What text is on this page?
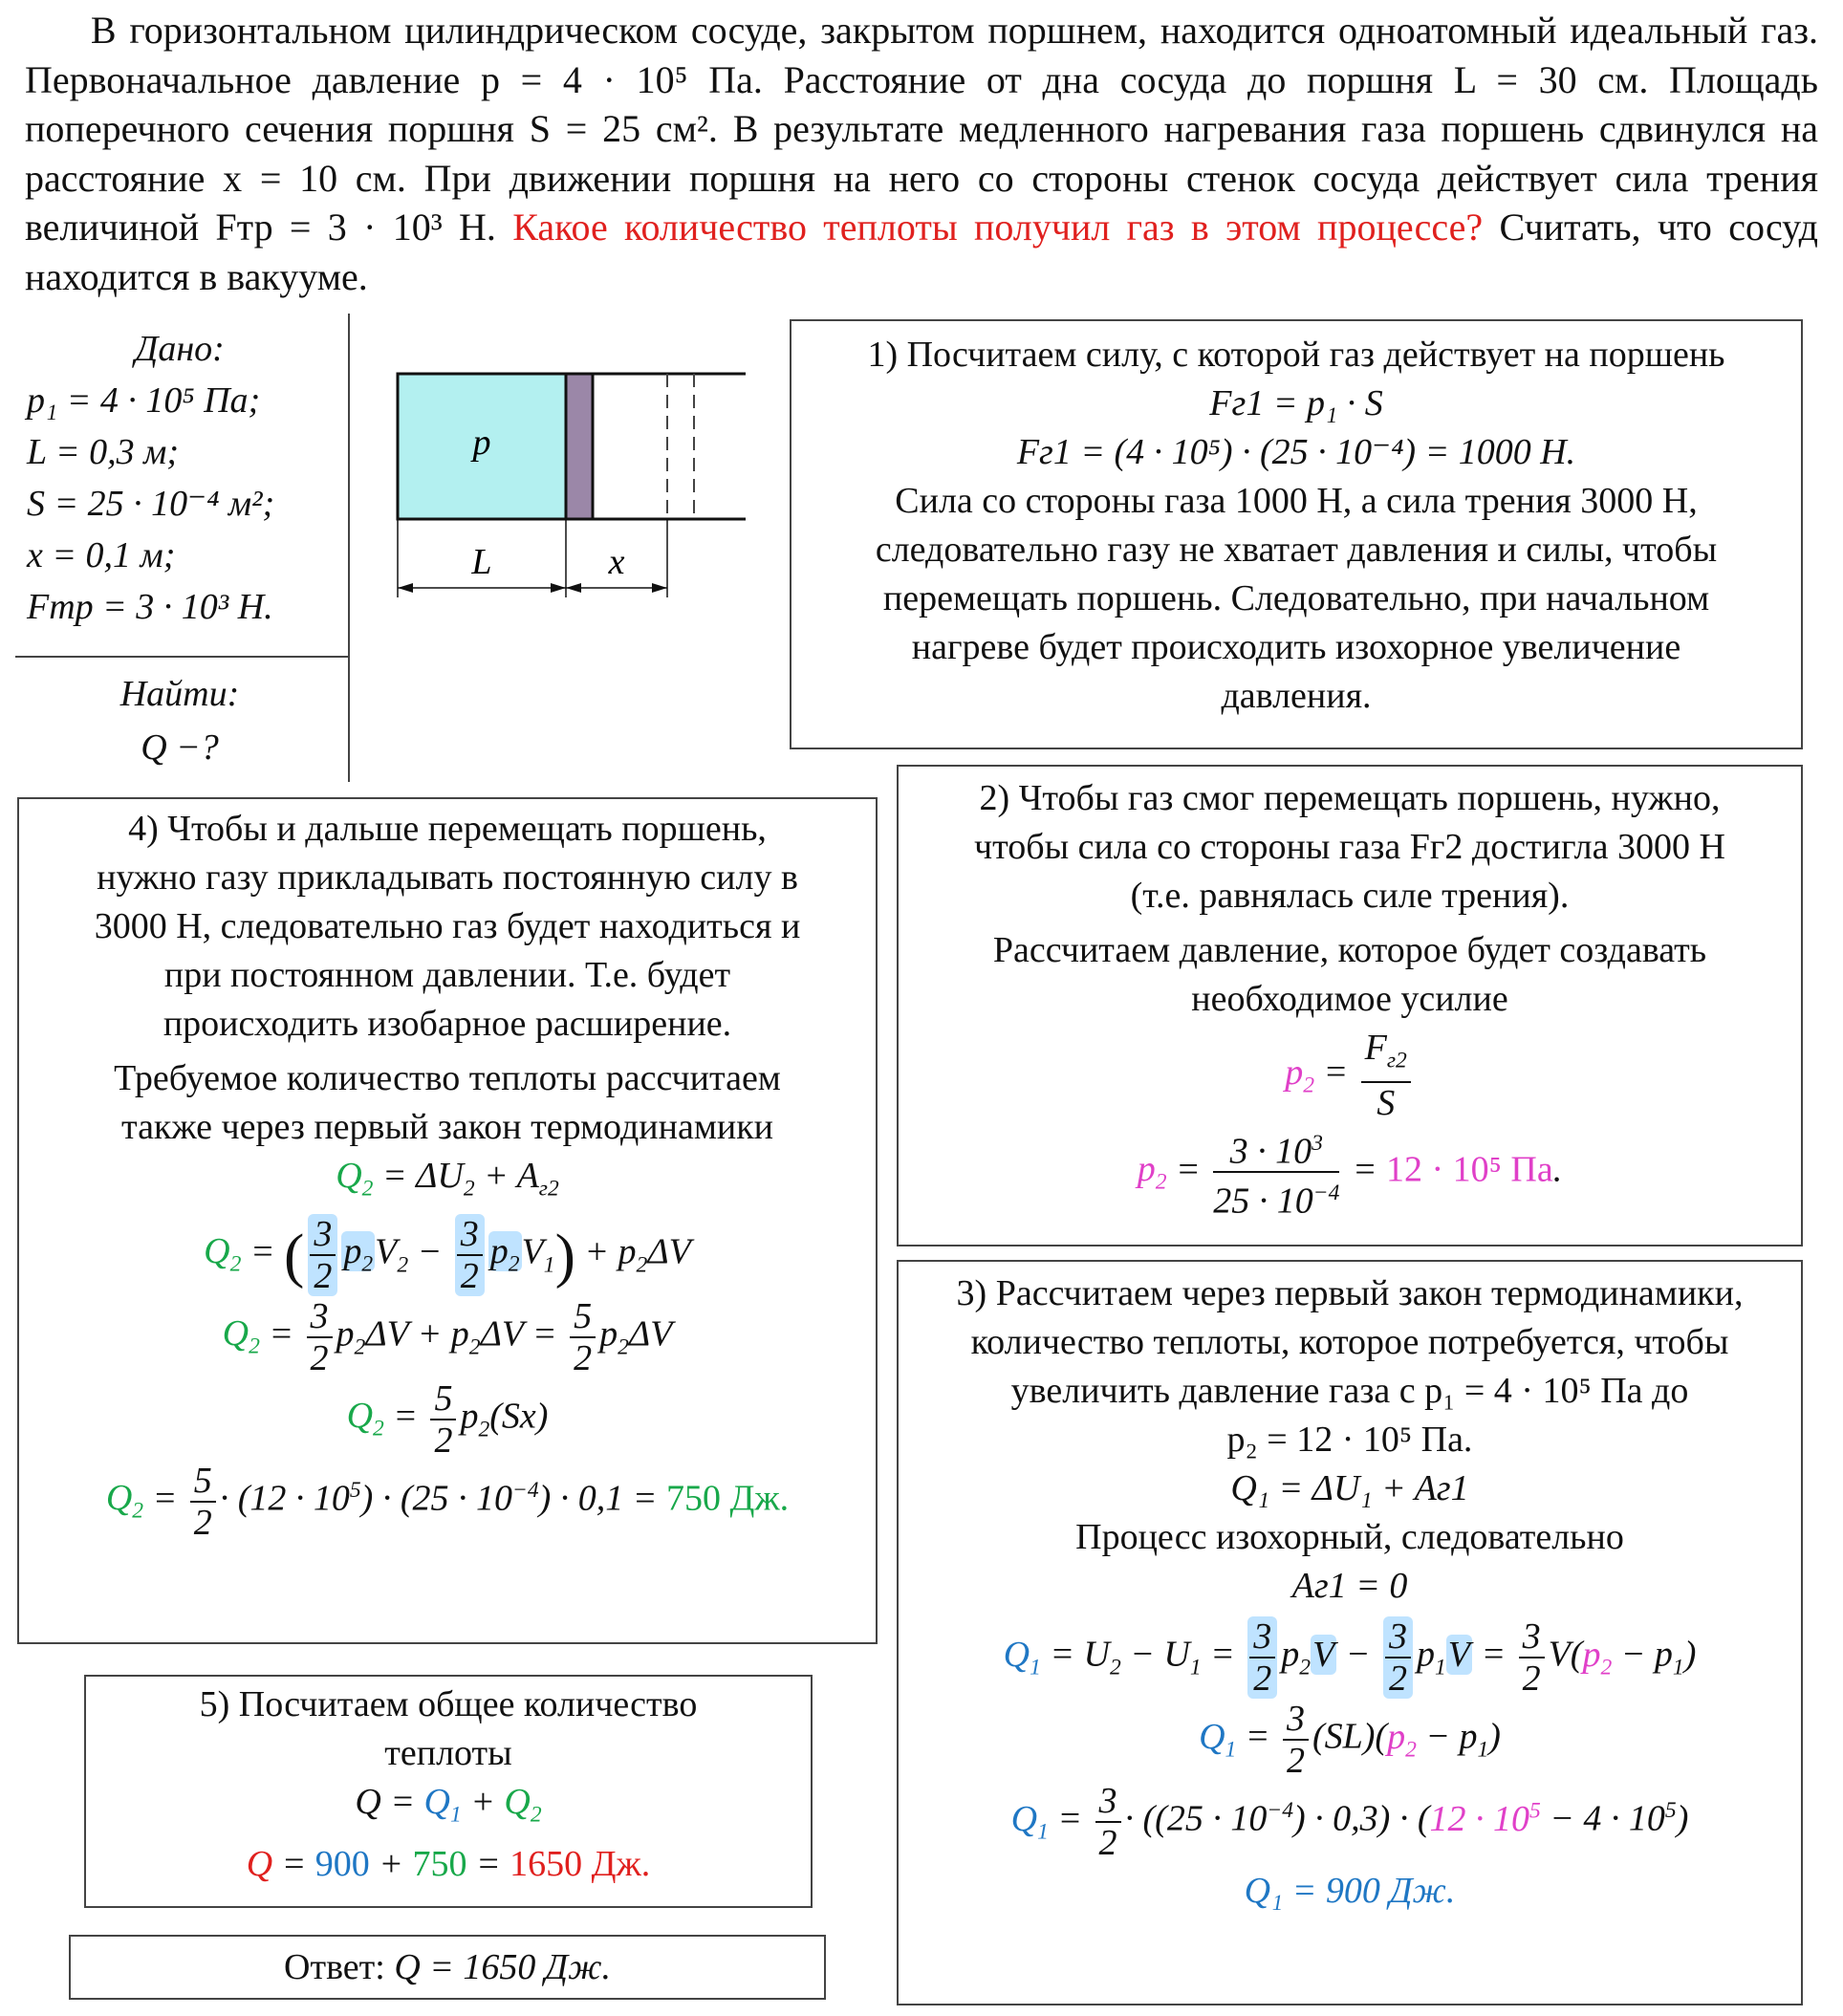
В горизонтальном цилиндрическом сосуде, закрытом поршнем, находится одноатомный идеальный газ. Первоначальное давление p = 4 · 10⁵ Па. Расстояние от дна сосуда до поршня L = 30 см. Площадь поперечного сечения поршня S = 25 см². В результате медленного нагревания газа поршень сдвинулся на расстояние x = 10 см. При движении поршня на него со стороны стенок сосуда действует сила трения величиной Fтр = 3 · 10³ Н. Какое количество теплоты получил газ в этом процессе? Считать, что сосуд находится в вакууме.
Дано:
p₁ = 4 · 10⁵ Па;
L = 0,3 м;
S = 25 · 10⁻⁴ м²;
x = 0,1 м;
Fтр = 3 · 10³ Н.
Найти:
Q −?
p
L	x
1) Посчитаем силу, с которой газ действует на поршень
Fг1 = p₁ · S
Fг1 = (4 · 10⁵) · (25 · 10⁻⁴) = 1000 Н.
Сила со стороны газа 1000 Н, а сила трения 3000 Н,
следовательно газу не хватает давления и силы, чтобы
перемещать поршень. Следовательно, при начальном
нагреве будет происходить изохорное увеличение
давления.
2) Чтобы газ смог перемещать поршень, нужно,
чтобы сила со стороны газа Fг2 достигла 3000 Н
(т.е. равнялась силе трения).
Рассчитаем давление, которое будет создавать
необходимое усилие
$p_2 = \frac{F_{г2}}{S}$
$p_2 = \frac{3 \cdot 10^3}{25 \cdot 10^{-4}} = 12 \cdot 10^5$ Па.
3) Рассчитаем через первый закон термодинамики,
количество теплоты, которое потребуется, чтобы
увеличить давление газа с p₁ = 4 · 10⁵ Па до
p₂ = 12 · 10⁵ Па.
Q₁ = ΔU₁ + Aг1
Процесс изохорный, следовательно
Aг1 = 0
$Q_1 = U_2 - U_1 = \frac{3}{2} p_2V - \frac{3}{2} p_1V = \frac{3}{2} V(p_2 - p_1)$
$Q_1 = \frac{3}{2} (SL)(p_2 - p_1)$
$Q_1 = \frac{3}{2} \cdot ((25 \cdot 10^{-4}) \cdot 0,3) \cdot (12 \cdot 10^5 - 4 \cdot 10^5)$
Q₁ = 900 Дж.
4) Чтобы и дальше перемещать поршень,
нужно газу прикладывать постоянную силу в
3000 Н, следовательно газ будет находиться и
при постоянном давлении. Т.е. будет
происходить изобарное расширение.
Требуемое количество теплоты рассчитаем
также через первый закон термодинамики
$Q_2 = \Delta U_2 + A_{г2}$
$Q_2$ = ( $\frac{3}{2} p_2V_2 - \frac{3}{2} p_2V_1) + p_2\Delta V$
$Q_2 = \frac{3}{2} p_2\Delta V + p_2\Delta V = \frac{5}{2} p_2\Delta V$
$Q_2 = \frac{5}{2} p_2(Sx)$
$Q_2 = \frac{5}{2} \cdot (12 \cdot 10^5) \cdot (25 \cdot 10^{-4}) \cdot 0,1 = 750$ Дж.
5) Посчитаем общее количество
теплоты
$Q = Q_1 + Q_2$
Q = 900 + 750 = 1650 Дж.
Ответ: Q = 1650 Дж.
